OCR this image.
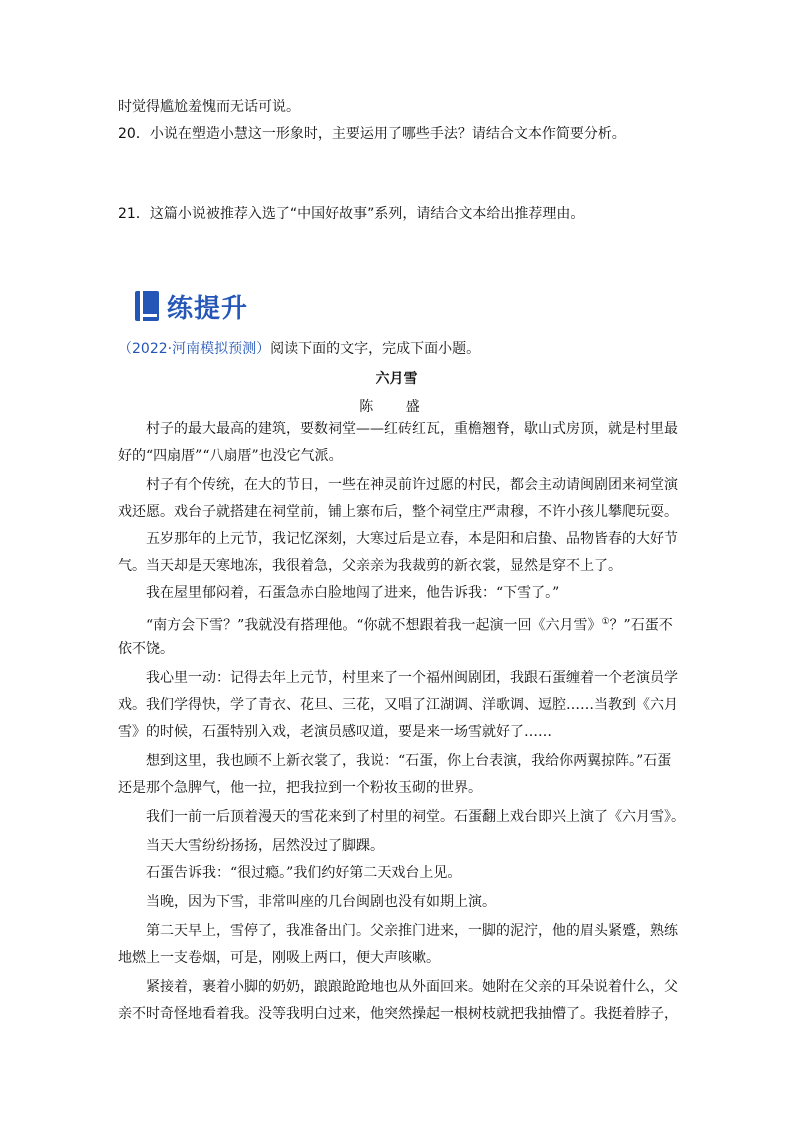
时觉得尴尬羞愧而无话可说。
20．小说在塑造小慧这一形象时，主要运用了哪些手法？请结合文本作简要分析。
21．这篇小说被推荐入选了“中国好故事”系列，请结合文本给出推荐理由。
练提升
（2022·河南模拟预测）阅读下面的文字，完成下面小题。
六月雪
陈 盛
村子的最大最高的建筑，要数祠堂——红砖红瓦，重檐翘脊，歇山式房顶，就是村里最
好的“四扇厝”“八扇厝”也没它气派。
村子有个传统，在大的节日，一些在神灵前许过愿的村民，都会主动请闽剧团来祠堂演
戏还愿。戏台子就搭建在祠堂前，铺上寨布后，整个祠堂庄严肃穆，不许小孩儿攀爬玩耍。
五岁那年的上元节，我记忆深刻，大寒过后是立春，本是阳和启蛰、品物皆春的大好节
气。当天却是天寒地冻，我很着急，父亲亲为我裁剪的新衣裳，显然是穿不上了。
我在屋里郁闷着，石蛋急赤白脸地闯了进来，他告诉我：“下雪了。”
“南方会下雪？”我就没有搭理他。“你就不想跟着我一起演一回《六月雪》①？”石蛋不
依不饶。
我心里一动：记得去年上元节，村里来了一个福州闽剧团，我跟石蛋缠着一个老演员学
戏。我们学得快，学了青衣、花旦、三花，又唱了江湖调、洋歌调、逗腔……当教到《六月
雪》的时候，石蛋特别入戏，老演员感叹道，要是来一场雪就好了……
想到这里，我也顾不上新衣裳了，我说：“石蛋，你上台表演，我给你两翼掠阵。”石蛋
还是那个急脾气，他一拉，把我拉到一个粉妆玉砌的世界。
我们一前一后顶着漫天的雪花来到了村里的祠堂。石蛋翻上戏台即兴上演了《六月雪》。
当天大雪纷纷扬扬，居然没过了脚踝。
石蛋告诉我：“很过瘾。”我们约好第二天戏台上见。
当晚，因为下雪，非常叫座的几台闽剧也没有如期上演。
第二天早上，雪停了，我准备出门。父亲推门进来，一脚的泥泞，他的眉头紧蹙，熟练
地燃上一支卷烟，可是，刚吸上两口，便大声咳嗽。
紧接着，裹着小脚的奶奶，踉踉跄跄地也从外面回来。她附在父亲的耳朵说着什么，父
亲不时奇怪地看着我。没等我明白过来，他突然操起一根树枝就把我抽懵了。我挺着脖子，
